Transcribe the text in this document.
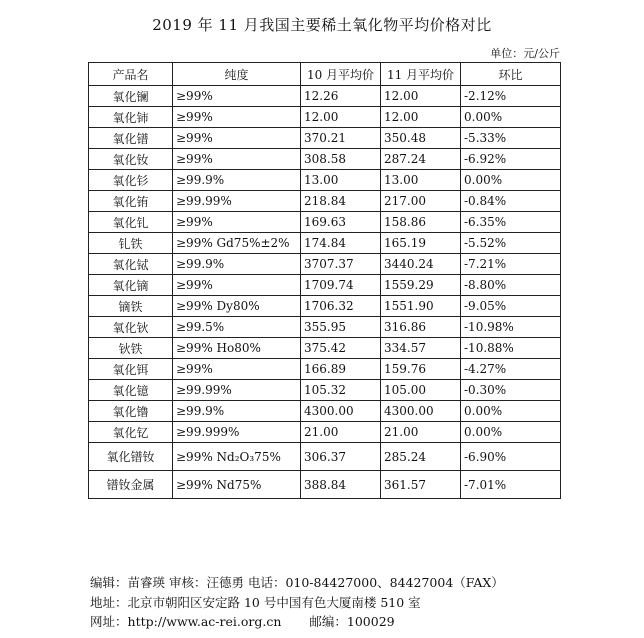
2019 年 11 月我国主要稀土氧化物平均价格对比
单位：元/公斤
产品名	纯度	10 月平均价	11 月平均价	环比
氧化镧	≥99%	12.26	12.00	-2.12%
氧化铈	≥99%	12.00	12.00	0.00%
氧化镨	≥99%	370.21	350.48	-5.33%
氧化钕	≥99%	308.58	287.24	-6.92%
氧化钐	≥99.9%	13.00	13.00	0.00%
氧化铕	≥99.99%	218.84	217.00	-0.84%
氧化钆	≥99%	169.63	158.86	-6.35%
钆铁	≥99% Gd75%±2%	174.84	165.19	-5.52%
氧化铽	≥99.9%	3707.37	3440.24	-7.21%
氧化镝	≥99%	1709.74	1559.29	-8.80%
镝铁	≥99% Dy80%	1706.32	1551.90	-9.05%
氧化钬	≥99.5%	355.95	316.86	-10.98%
钬铁	≥99% Ho80%	375.42	334.57	-10.88%
氧化铒	≥99%	166.89	159.76	-4.27%
氧化镱	≥99.99%	105.32	105.00	-0.30%
氧化镥	≥99.9%	4300.00	4300.00	0.00%
氧化钇	≥99.999%	21.00	21.00	0.00%
氧化镨钕	≥99% Nd₂O₃75%	306.37	285.24	-6.90%
镨钕金属	≥99% Nd75%	388.84	361.57	-7.01%
编辑：苗睿瑛 审核：汪德勇 电话：010-84427000、84427004（FAX）
地址：北京市朝阳区安定路 10 号中国有色大厦南楼 510 室
网址：http://www.ac-rei.org.cn 邮编：100029
